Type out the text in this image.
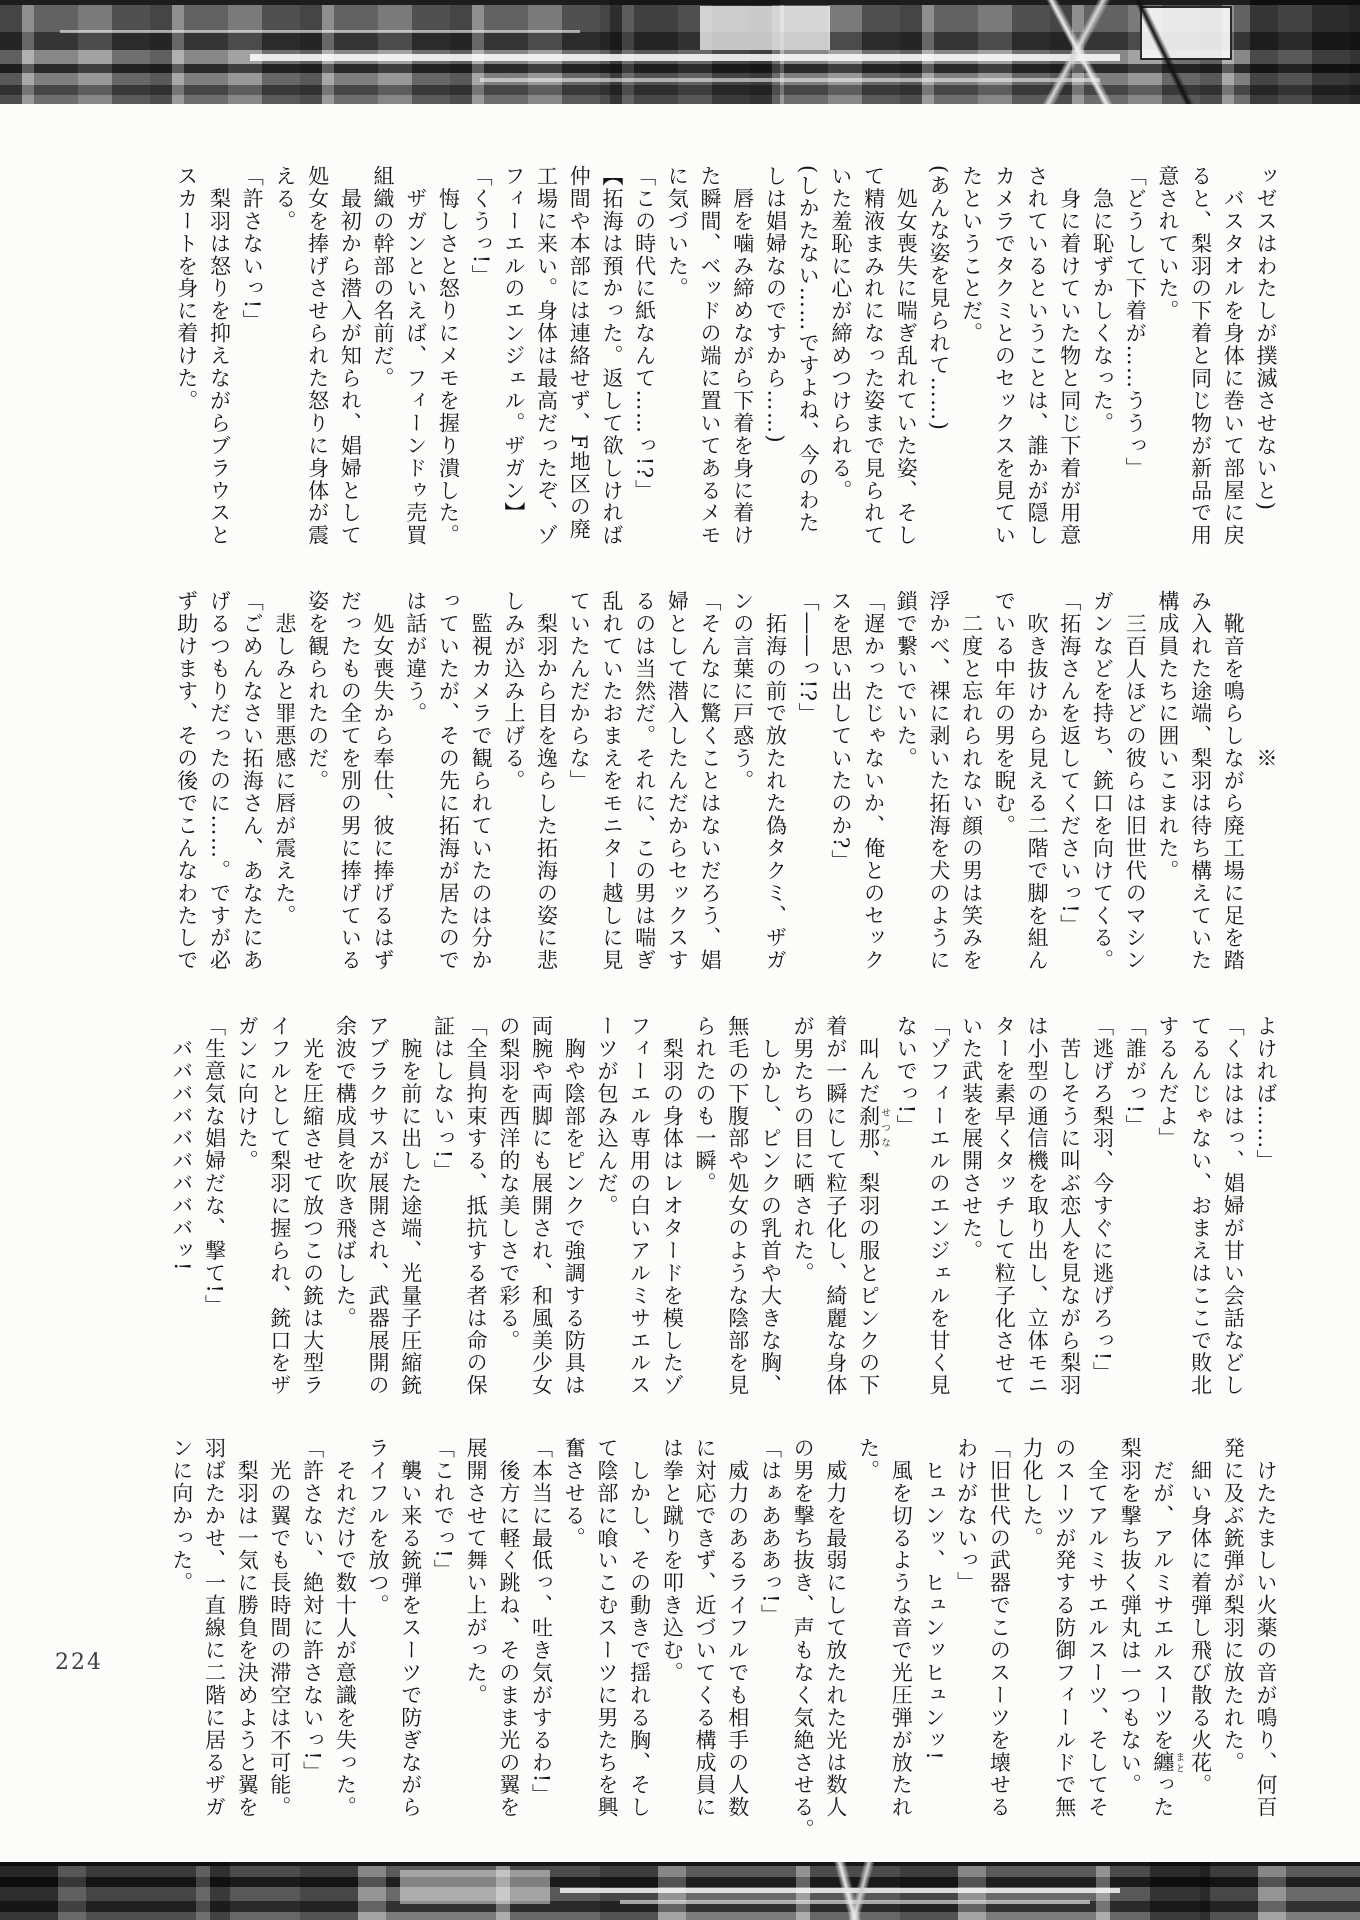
ッゼスはわたしが撲滅させないと)

　バスタオルを身体に巻いて部屋に戻

ると、梨羽の下着と同じ物が新品で用

意されていた。

「どうして下着が……ううっ」

　急に恥ずかしくなった。

　身に着けていた物と同じ下着が用意

されているということは、誰かが隠し

カメラでタクミとのセックスを見てい

たということだ。

(あんな姿を見られて……)

　処女喪失に喘ぎ乱れていた姿、そし

て精液まみれになった姿まで見られて

いた羞恥に心が締めつけられる。

(しかたない……ですよね、今のわた

しは娼婦なのですから……)

　唇を噛み締めながら下着を身に着け

た瞬間、ベッドの端に置いてあるメモ

に気づいた。

「この時代に紙なんて……っ!?」

【拓海は預かった。返して欲しければ

仲間や本部には連絡せず、F地区の廃

工場に来い。身体は最高だったぞ、ゾ

フィーエルのエンジェル。ザガン】

「くうっ!」

　悔しさと怒りにメモを握り潰した。

　ザガンといえば、フィーンドゥ売買

組織の幹部の名前だ。

　最初から潜入が知られ、娼婦として

処女を捧げさせられた怒りに身体が震

える。

「許さないっ!」

　梨羽は怒りを抑えながらブラウスと

スカートを身に着けた。

　　　　　　　※

　靴音を鳴らしながら廃工場に足を踏

み入れた途端、梨羽は待ち構えていた

構成員たちに囲いこまれた。

　三百人ほどの彼らは旧世代のマシン

ガンなどを持ち、銃口を向けてくる。

「拓海さんを返してくださいっ!」

　吹き抜けから見える二階で脚を組ん

でいる中年の男を睨む。

　二度と忘れられない顔の男は笑みを

浮かべ、裸に剥いた拓海を犬のように

鎖で繋いでいた。

「遅かったじゃないか、俺とのセック

スを思い出していたのか?」

「――っ!?」

　拓海の前で放たれた偽タクミ、ザガ

ンの言葉に戸惑う。

「そんなに驚くことはないだろう、娼

婦として潜入したんだからセックスす

るのは当然だ。それに、この男は喘ぎ

乱れていたおまえをモニター越しに見

ていたんだからな」

　梨羽から目を逸らした拓海の姿に悲

しみが込み上げる。

　監視カメラで観られていたのは分か

っていたが、その先に拓海が居たので

は話が違う。

　処女喪失から奉仕、彼に捧げるはず

だったもの全てを別の男に捧げている

姿を観られたのだ。

　悲しみと罪悪感に唇が震えた。

「ごめんなさい拓海さん、あなたにあ

げるつもりだったのに……。ですが必

ず助けます、その後でこんなわたしで

よければ……」

「くはははっ、娼婦が甘い会話などし

てるんじゃない、おまえはここで敗北

するんだよ」

「誰がっ!」

「逃げろ梨羽、今すぐに逃げろっ!」

　苦しそうに叫ぶ恋人を見ながら梨羽

は小型の通信機を取り出し、立体モニ

ターを素早くタッチして粒子化させて

いた武装を展開させた。

「ゾフィーエルのエンジェルを甘く見

ないでっ!」

　叫んだ刹那せつな、梨羽の服とピンクの下

着が一瞬にして粒子化し、綺麗な身体

が男たちの目に晒された。

　しかし、ピンクの乳首や大きな胸、

無毛の下腹部や処女のような陰部を見

られたのも一瞬。

　梨羽の身体はレオタードを模したゾ

フィーエル専用の白いアルミサエルス

ーツが包み込んだ。

　胸や陰部をピンクで強調する防具は

両腕や両脚にも展開され、和風美少女

の梨羽を西洋的な美しさで彩る。

「全員拘束する、抵抗する者は命の保

証はしないっ!」

　腕を前に出した途端、光量子圧縮銃

アブラクサスが展開され、武器展開の

余波で構成員を吹き飛ばした。

　光を圧縮させて放つこの銃は大型ラ

イフルとして梨羽に握られ、銃口をザ

ガンに向けた。

「生意気な娼婦だな、撃て!」

　バババババババババッ!

　けたたましい火薬の音が鳴り、何百

発に及ぶ銃弾が梨羽に放たれた。

　細い身体に着弾し飛び散る火花。

　だが、アルミサエルスーツを纏まとった

梨羽を撃ち抜く弾丸は一つもない。

　全てアルミサエルスーツ、そしてそ

のスーツが発する防御フィールドで無

力化した。

「旧世代の武器でこのスーツを壊せる

わけがないっ」

　ヒュンッ、ヒュンッヒュンッ!

　風を切るような音で光圧弾が放たれ

た。

　威力を最弱にして放たれた光は数人

の男を撃ち抜き、声もなく気絶させる。

「はぁあああっ!」

　威力のあるライフルでも相手の人数

に対応できず、近づいてくる構成員に

は拳と蹴りを叩き込む。

　しかし、その動きで揺れる胸、そし

て陰部に喰いこむスーツに男たちを興

奮させる。

「本当に最低っ、吐き気がするわ!」

　後方に軽く跳ね、そのまま光の翼を

展開させて舞い上がった。

「これでっ!」

　襲い来る銃弾をスーツで防ぎながら

ライフルを放つ。

　それだけで数十人が意識を失った。

「許さない、絶対に許さないっ!」

　光の翼でも長時間の滞空は不可能。

　梨羽は一気に勝負を決めようと翼を

羽ばたかせ、一直線に二階に居るザガ

ンに向かった。

224
